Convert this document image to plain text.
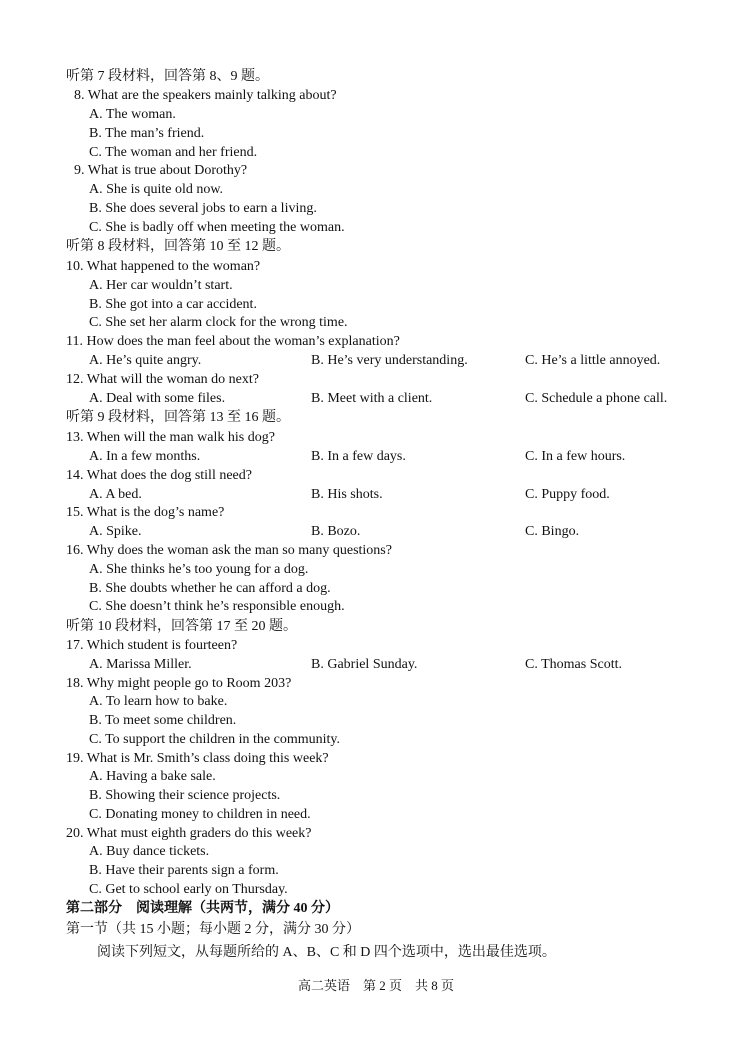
听第 7 段材料，回答第 8、9 题。
8. What are the speakers mainly talking about?
A. The woman.
B. The man’s friend.
C. The woman and her friend.
9. What is true about Dorothy?
A. She is quite old now.
B. She does several jobs to earn a living.
C. She is badly off when meeting the woman.
听第 8 段材料，回答第 10 至 12 题。
10. What happened to the woman?
A. Her car wouldn’t start.
B. She got into a car accident.
C. She set her alarm clock for the wrong time.
11. How does the man feel about the woman’s explanation?
A. He’s quite angry.	B. He’s very understanding.	C. He’s a little annoyed.
12. What will the woman do next?
A. Deal with some files.	B. Meet with a client.	C. Schedule a phone call.
听第 9 段材料，回答第 13 至 16 题。
13. When will the man walk his dog?
A. In a few months.	B. In a few days.	C. In a few hours.
14. What does the dog still need?
A. A bed.	B. His shots.	C. Puppy food.
15. What is the dog’s name?
A. Spike.	B. Bozo.	C. Bingo.
16. Why does the woman ask the man so many questions?
A. She thinks he’s too young for a dog.
B. She doubts whether he can afford a dog.
C. She doesn’t think he’s responsible enough.
听第 10 段材料，回答第 17 至 20 题。
17. Which student is fourteen?
A. Marissa Miller.	B. Gabriel Sunday.	C. Thomas Scott.
18. Why might people go to Room 203?
A. To learn how to bake.
B. To meet some children.
C. To support the children in the community.
19. What is Mr. Smith’s class doing this week?
A. Having a bake sale.
B. Showing their science projects.
C. Donating money to children in need.
20. What must eighth graders do this week?
A. Buy dance tickets.
B. Have their parents sign a form.
C. Get to school early on Thursday.
第二部分　阅读理解（共两节，满分 40 分）
第一节（共 15 小题；每小题 2 分，满分 30 分）
阅读下列短文，从每题所给的 A、B、C 和 D 四个选项中，选出最佳选项。
高二英语　第 2 页　共 8 页
